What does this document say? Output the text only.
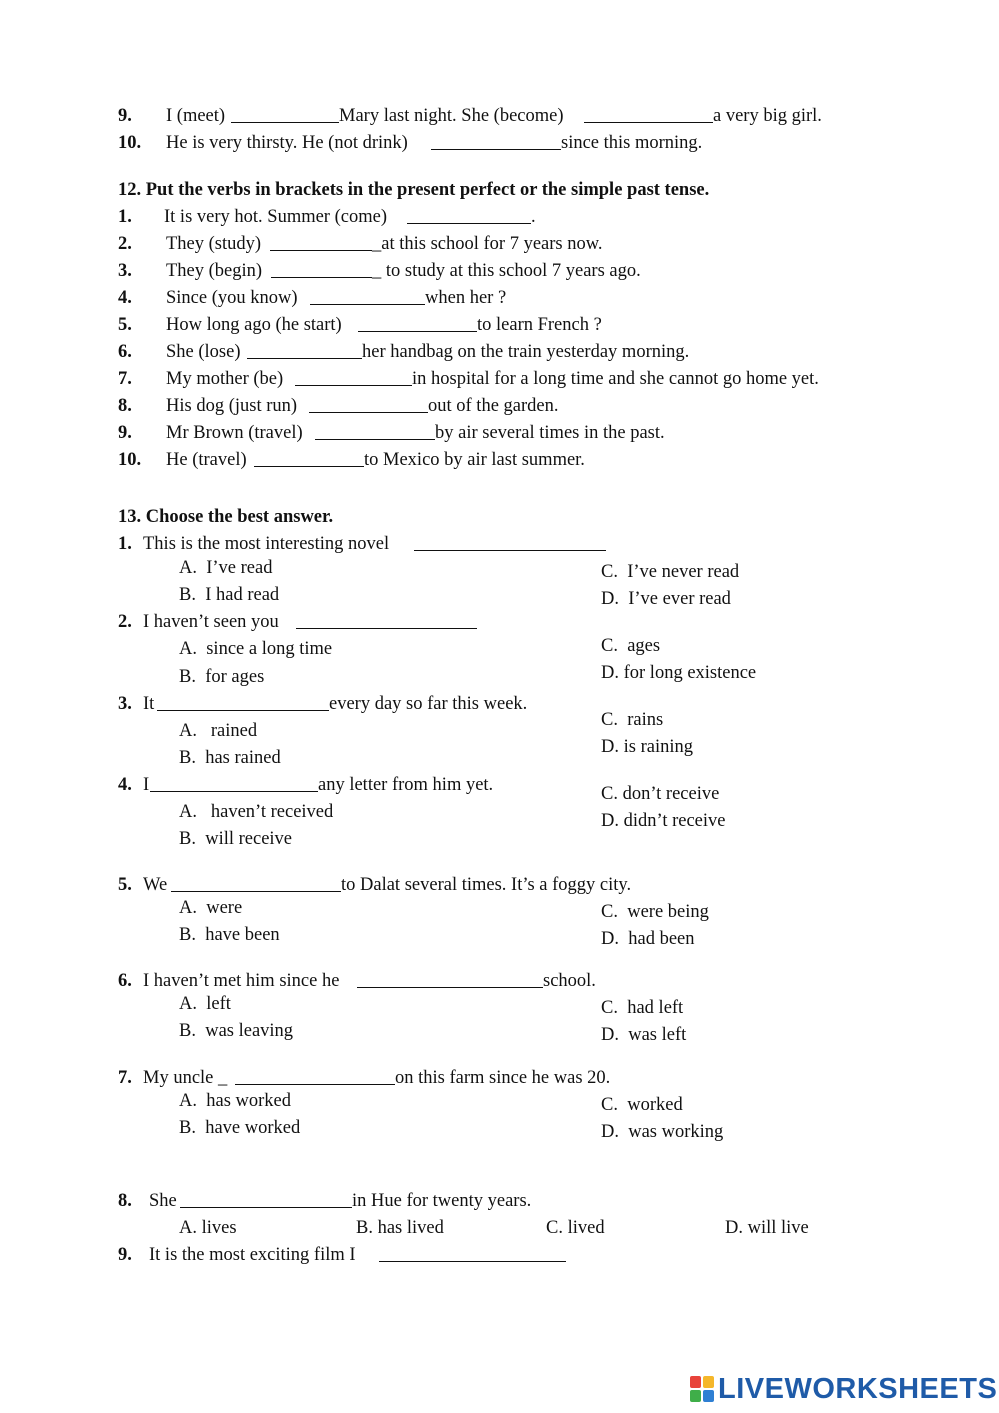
9. I (meet)	Mary last night. She (become)	a very big girl.
10. He is very thirsty. He (not drink)	since this morning.
12. Put the verbs in brackets in the present perfect or the simple past tense.
1. It is very hot. Summer (come)	.
2. They (study)	_at this school for 7 years now.
3. They (begin)	_ to study at this school 7 years ago.
4. Since (you know)	when her ?
5. How long ago (he start)	to learn French ?
6. She (lose)	her handbag on the train yesterday morning.
7. My mother (be)	in hospital for a long time and she cannot go home yet.
8. His dog (just run)	out of the garden.
9. Mr Brown (travel)	by air several times in the past.
10. He (travel)	to Mexico by air last summer.
13. Choose the best answer.
1. This is the most interesting novel
A.  I’ve read
B.  I had read
C.  I’ve never read
D.  I’ve ever read
2. I haven’t seen you
A.  since a long time
B.  for ages
C.  ages
D. for long existence
3. It	every day so far this week.
A.   rained
B.  has rained
C.  rains
D. is raining
4. I	any letter from him yet.
A.   haven’t received
B.  will receive
C. don’t receive
D. didn’t receive
5. We	to Dalat several times. It’s a foggy city.
A.  were
B.  have been
C.  were being
D.  had been
6. I haven’t met him since he	school.
A.  left
B.  was leaving
C.  had left
D.  was left
7. My uncle _	on this farm since he was 20.
A.  has worked
B.  have worked
C.  worked
D.  was working
8. She	in Hue for twenty years.
A. lives	B. has lived	C. lived	D. will live
9. It is the most exciting film I
LIVEWORKSHEETS
